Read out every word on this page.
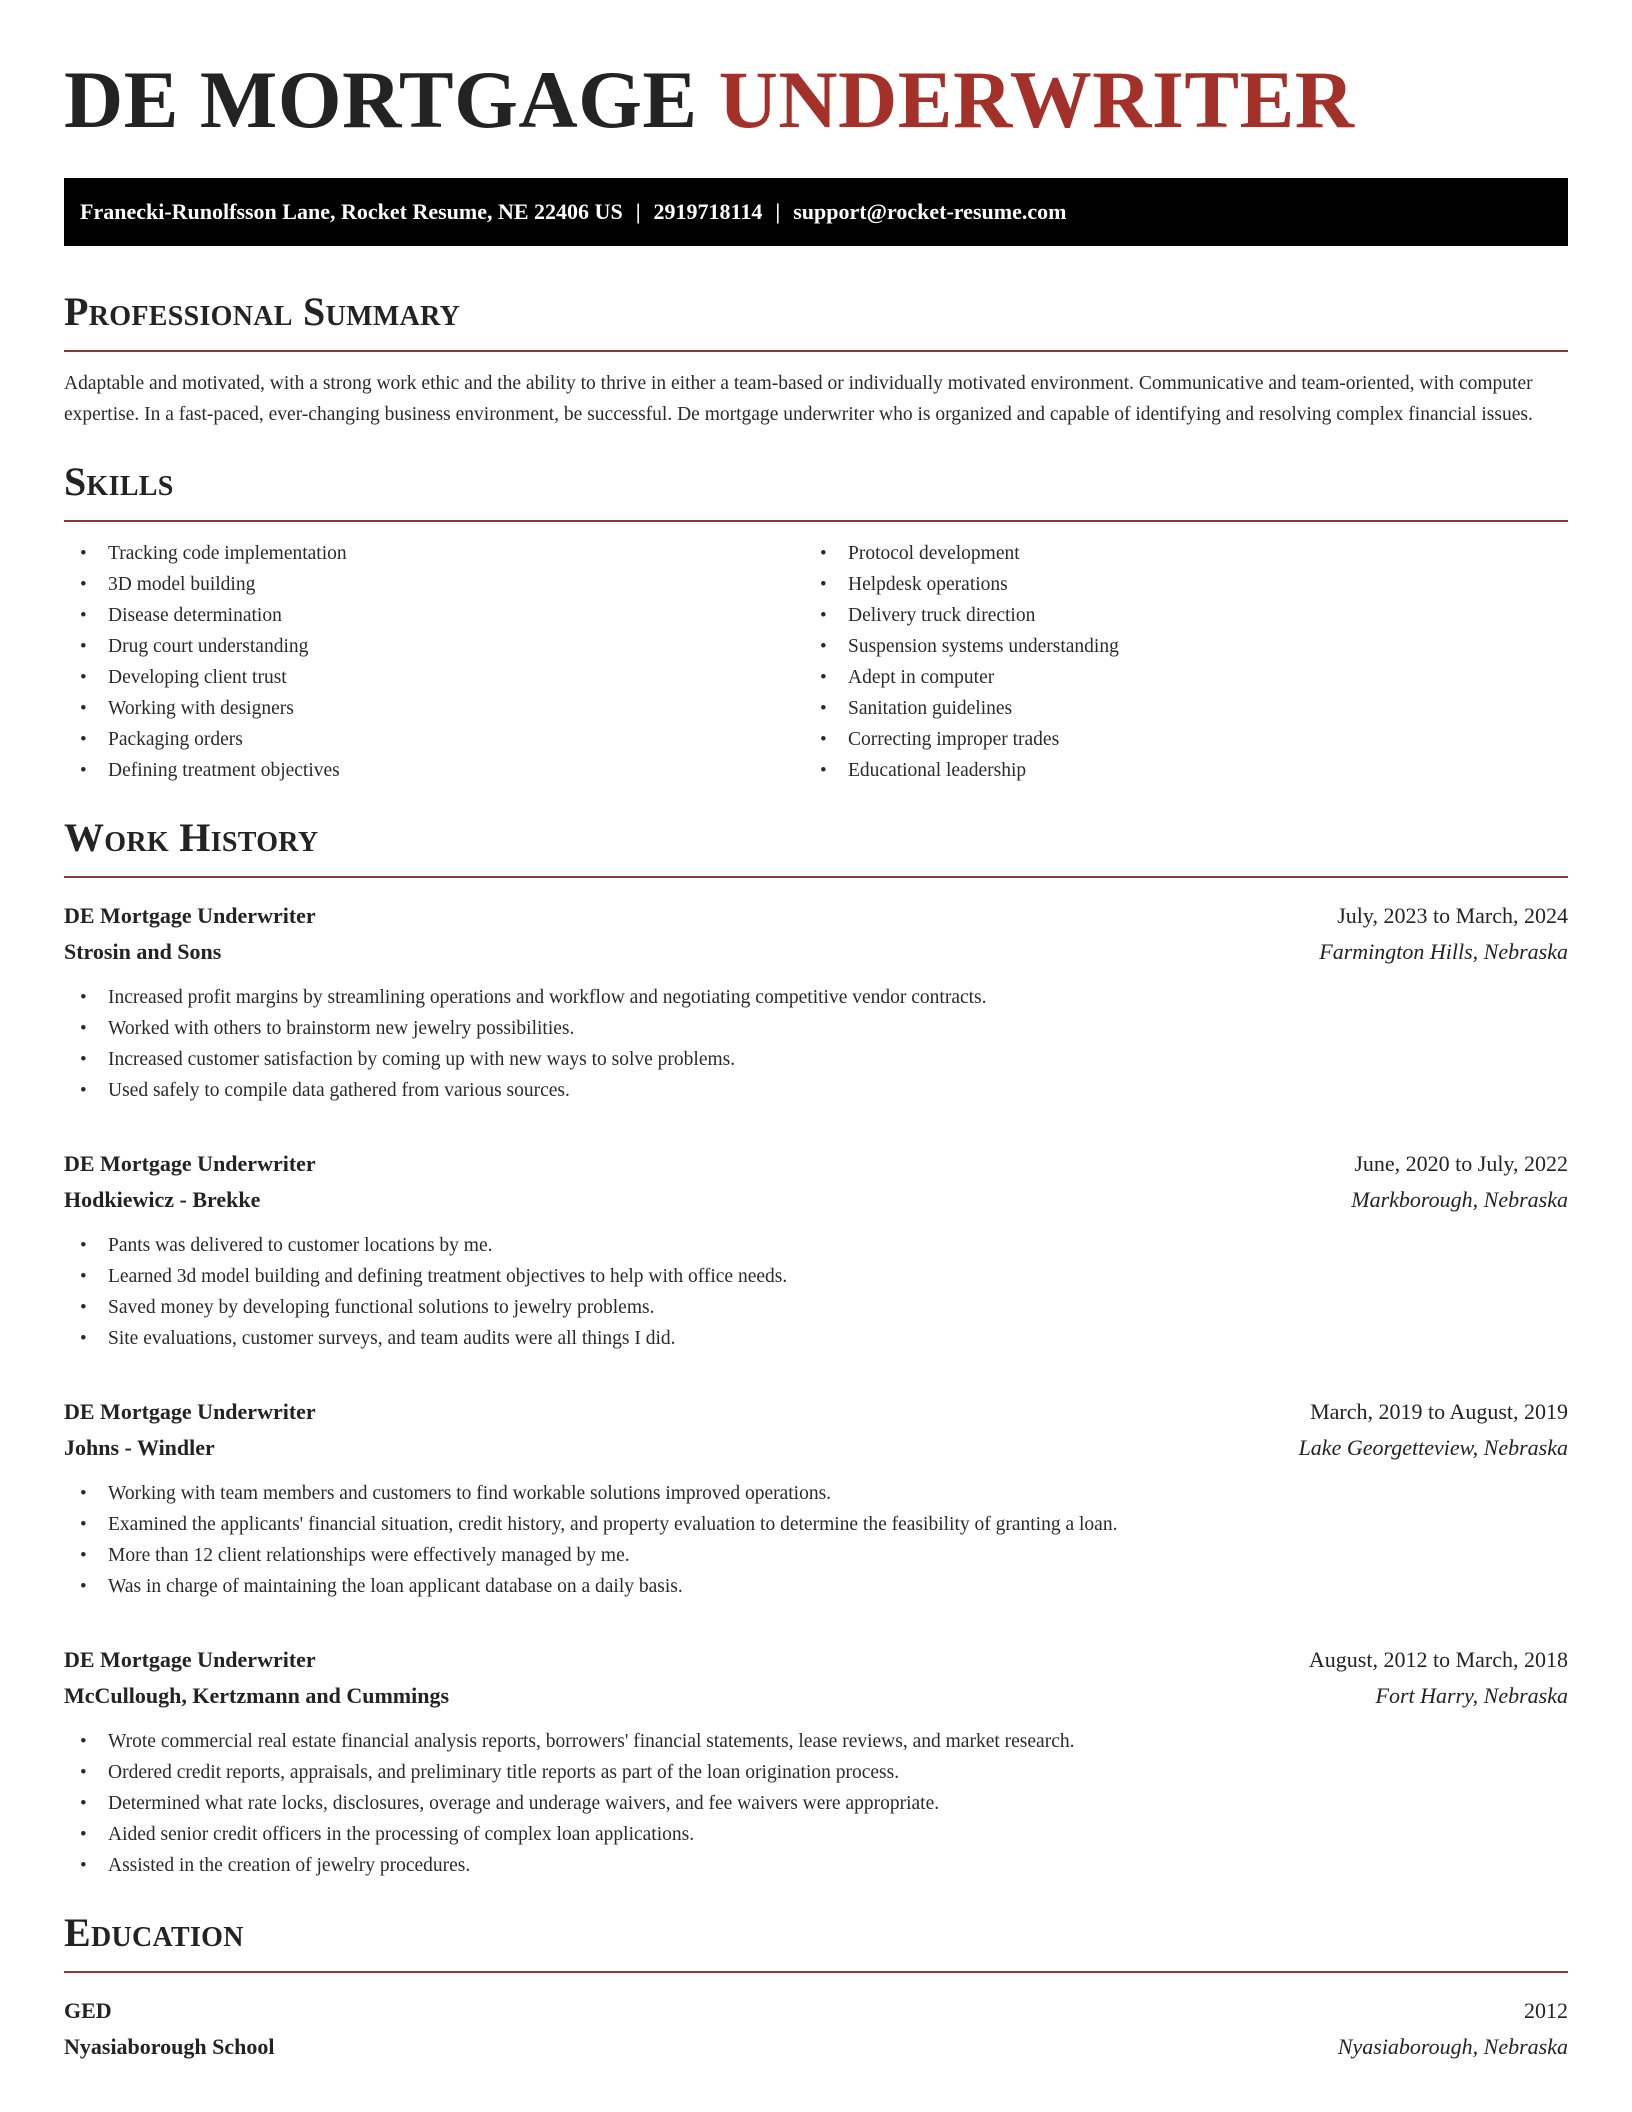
DE MORTGAGE UNDERWRITER
Franecki-Runolfsson Lane, Rocket Resume, NE 22406 US | 2919718114 | support@rocket-resume.com
Professional Summary

Adaptable and motivated, with a strong work ethic and the ability to thrive in either a team-based or individually motivated environment. Communicative and team-oriented, with computer expertise. In a fast-paced, ever-changing business environment, be successful. De mortgage underwriter who is organized and capable of identifying and resolving complex financial issues.

Skills
• Tracking code implementation
• 3D model building
• Disease determination
• Drug court understanding
• Developing client trust
• Working with designers
• Packaging orders
• Defining treatment objectives
• Protocol development
• Helpdesk operations
• Delivery truck direction
• Suspension systems understanding
• Adept in computer
• Sanitation guidelines
• Correcting improper trades
• Educational leadership
Work History
DE Mortgage Underwriter	July, 2023 to March, 2024
Strosin and Sons	Farmington Hills, Nebraska
• Increased profit margins by streamlining operations and workflow and negotiating competitive vendor contracts.
• Worked with others to brainstorm new jewelry possibilities.
• Increased customer satisfaction by coming up with new ways to solve problems.
• Used safely to compile data gathered from various sources.
DE Mortgage Underwriter	June, 2020 to July, 2022
Hodkiewicz - Brekke	Markborough, Nebraska
• Pants was delivered to customer locations by me.
• Learned 3d model building and defining treatment objectives to help with office needs.
• Saved money by developing functional solutions to jewelry problems.
• Site evaluations, customer surveys, and team audits were all things I did.
DE Mortgage Underwriter	March, 2019 to August, 2019
Johns - Windler	Lake Georgetteview, Nebraska
• Working with team members and customers to find workable solutions improved operations.
• Examined the applicants' financial situation, credit history, and property evaluation to determine the feasibility of granting a loan.
• More than 12 client relationships were effectively managed by me.
• Was in charge of maintaining the loan applicant database on a daily basis.
DE Mortgage Underwriter	August, 2012 to March, 2018
McCullough, Kertzmann and Cummings	Fort Harry, Nebraska
• Wrote commercial real estate financial analysis reports, borrowers' financial statements, lease reviews, and market research.
• Ordered credit reports, appraisals, and preliminary title reports as part of the loan origination process.
• Determined what rate locks, disclosures, overage and underage waivers, and fee waivers were appropriate.
• Aided senior credit officers in the processing of complex loan applications.
• Assisted in the creation of jewelry procedures.
Education
GED	2012
Nyasiaborough School	Nyasiaborough, Nebraska
